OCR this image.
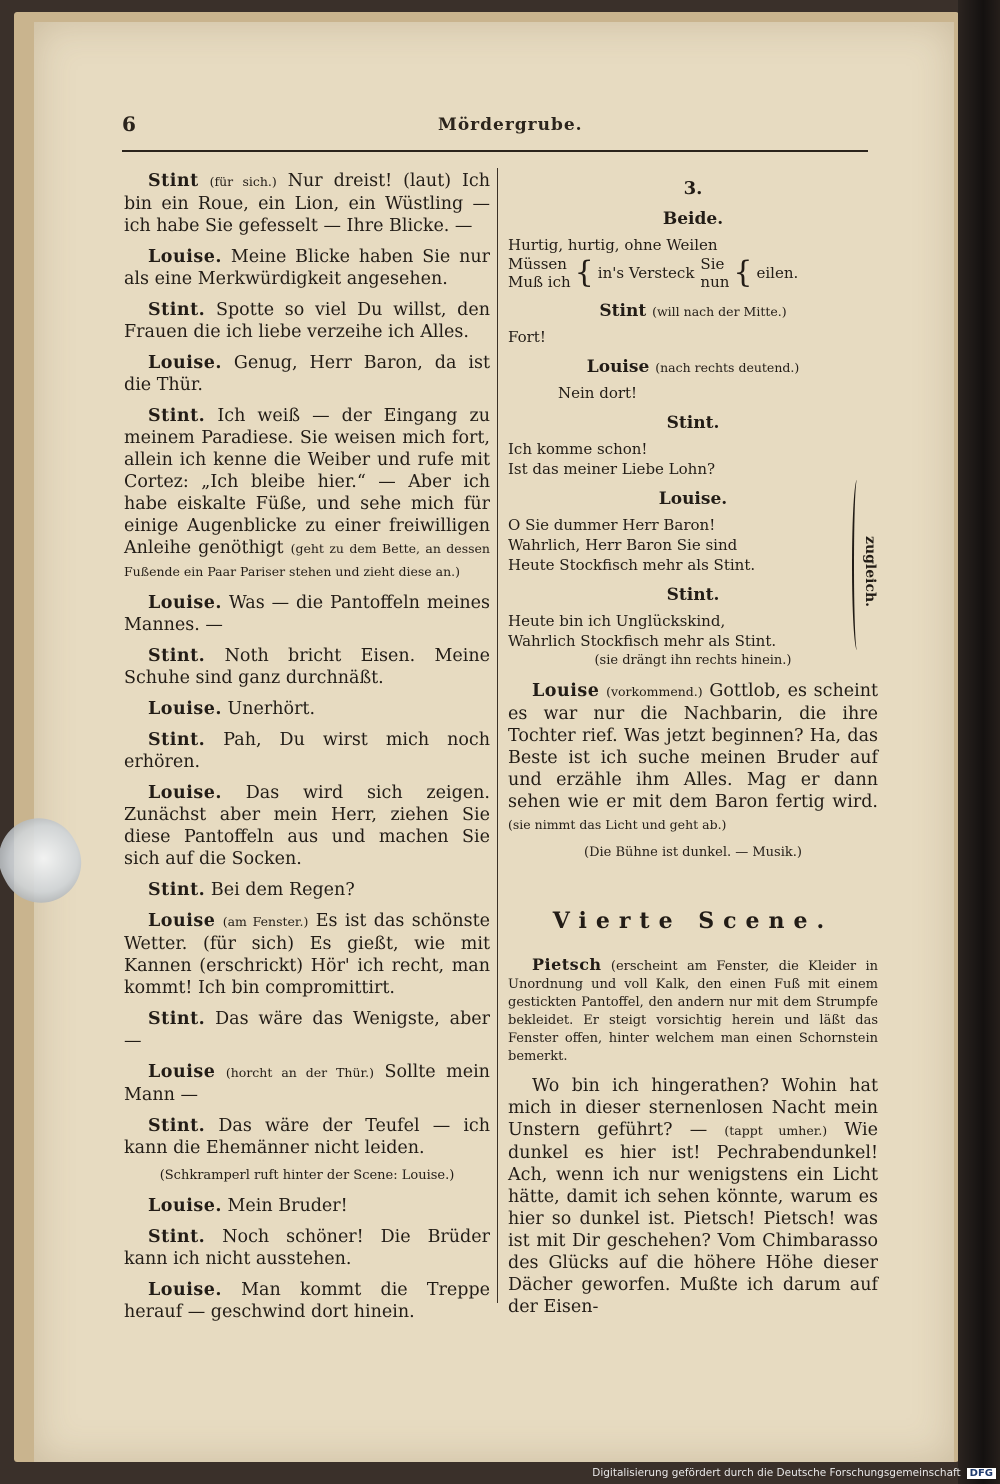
6	Mördergrube.

Stint (für sich.) Nur dreist! (laut) Ich bin ein Roue, ein Lion, ein Wüstling — ich habe Sie gefesselt — Ihre Blicke. —

Louise. Meine Blicke haben Sie nur als eine Merkwürdigkeit angesehen.

Stint. Spotte so viel Du willst, den Frauen die ich liebe verzeihe ich Alles.

Louise. Genug, Herr Baron, da ist die Thür.

Stint. Ich weiß — der Eingang zu meinem Paradiese. Sie weisen mich fort, allein ich kenne die Weiber und rufe mit Cortez: „Ich bleibe hier.“ — Aber ich habe eiskalte Füße, und sehe mich für einige Augenblicke zu einer freiwilligen Anleihe genöthigt (geht zu dem Bette, an dessen Fußende ein Paar Pariser stehen und zieht diese an.)

Louise. Was — die Pantoffeln meines Mannes. —

Stint. Noth bricht Eisen. Meine Schuhe sind ganz durchnäßt.

Louise. Unerhört.

Stint. Pah, Du wirst mich noch erhören.

Louise. Das wird sich zeigen. Zunächst aber mein Herr, ziehen Sie diese Pantoffeln aus und machen Sie sich auf die Socken.

Stint. Bei dem Regen?

Louise (am Fenster.) Es ist das schönste Wetter. (für sich) Es gießt, wie mit Kannen (erschrickt) Hör' ich recht, man kommt! Ich bin compromittirt.

Stint. Das wäre das Wenigste, aber —

Louise (horcht an der Thür.) Sollte mein Mann —

Stint. Das wäre der Teufel — ich kann die Ehemänner nicht leiden.

(Schkramperl ruft hinter der Scene: Louise.)

Louise. Mein Bruder!

Stint. Noch schöner! Die Brüder kann ich nicht ausstehen.

Louise. Man kommt die Treppe herauf — geschwind dort hinein.

3.

Beide.

Hurtig, hurtig, ohne Weilen

Müssen
Muß ich { in's Versteck Sie
nun { eilen.

Stint (will nach der Mitte.)

Fort!

Louise (nach rechts deutend.)

Nein dort!

Stint.

Ich komme schon!

Ist das meiner Liebe Lohn?

Louise.

O Sie dummer Herr Baron!

Wahrlich, Herr Baron Sie sind

Heute Stockfisch mehr als Stint.

Stint.

Heute bin ich Unglückskind,

Wahrlich Stockfisch mehr als Stint.

(sie drängt ihn rechts hinein.)

Louise (vorkommend.) Gottlob, es scheint es war nur die Nachbarin, die ihre Tochter rief. Was jetzt beginnen? Ha, das Beste ist ich suche meinen Bruder auf und erzähle ihm Alles. Mag er dann sehen wie er mit dem Baron fertig wird. (sie nimmt das Licht und geht ab.)

(Die Bühne ist dunkel. — Musik.)

Vierte Scene.

Pietsch (erscheint am Fenster, die Kleider in Unordnung und voll Kalk, den einen Fuß mit einem gestickten Pantoffel, den andern nur mit dem Strumpfe bekleidet. Er steigt vorsichtig herein und läßt das Fenster offen, hinter welchem man einen Schornstein bemerkt.

Wo bin ich hingerathen? Wohin hat mich in dieser sternenlosen Nacht mein Unstern geführt? — (tappt umher.) Wie dunkel es hier ist! Pechrabendunkel! Ach, wenn ich nur wenigstens ein Licht hätte, damit ich sehen könnte, warum es hier so dunkel ist. Pietsch! Pietsch! was ist mit Dir geschehen? Vom Chimbarasso des Glücks auf die höhere Höhe dieser Dächer geworfen. Mußte ich darum auf der Eisen-

zugleich.
Digitalisierung gefördert durch die Deutsche Forschungsgemeinschaft DFG
